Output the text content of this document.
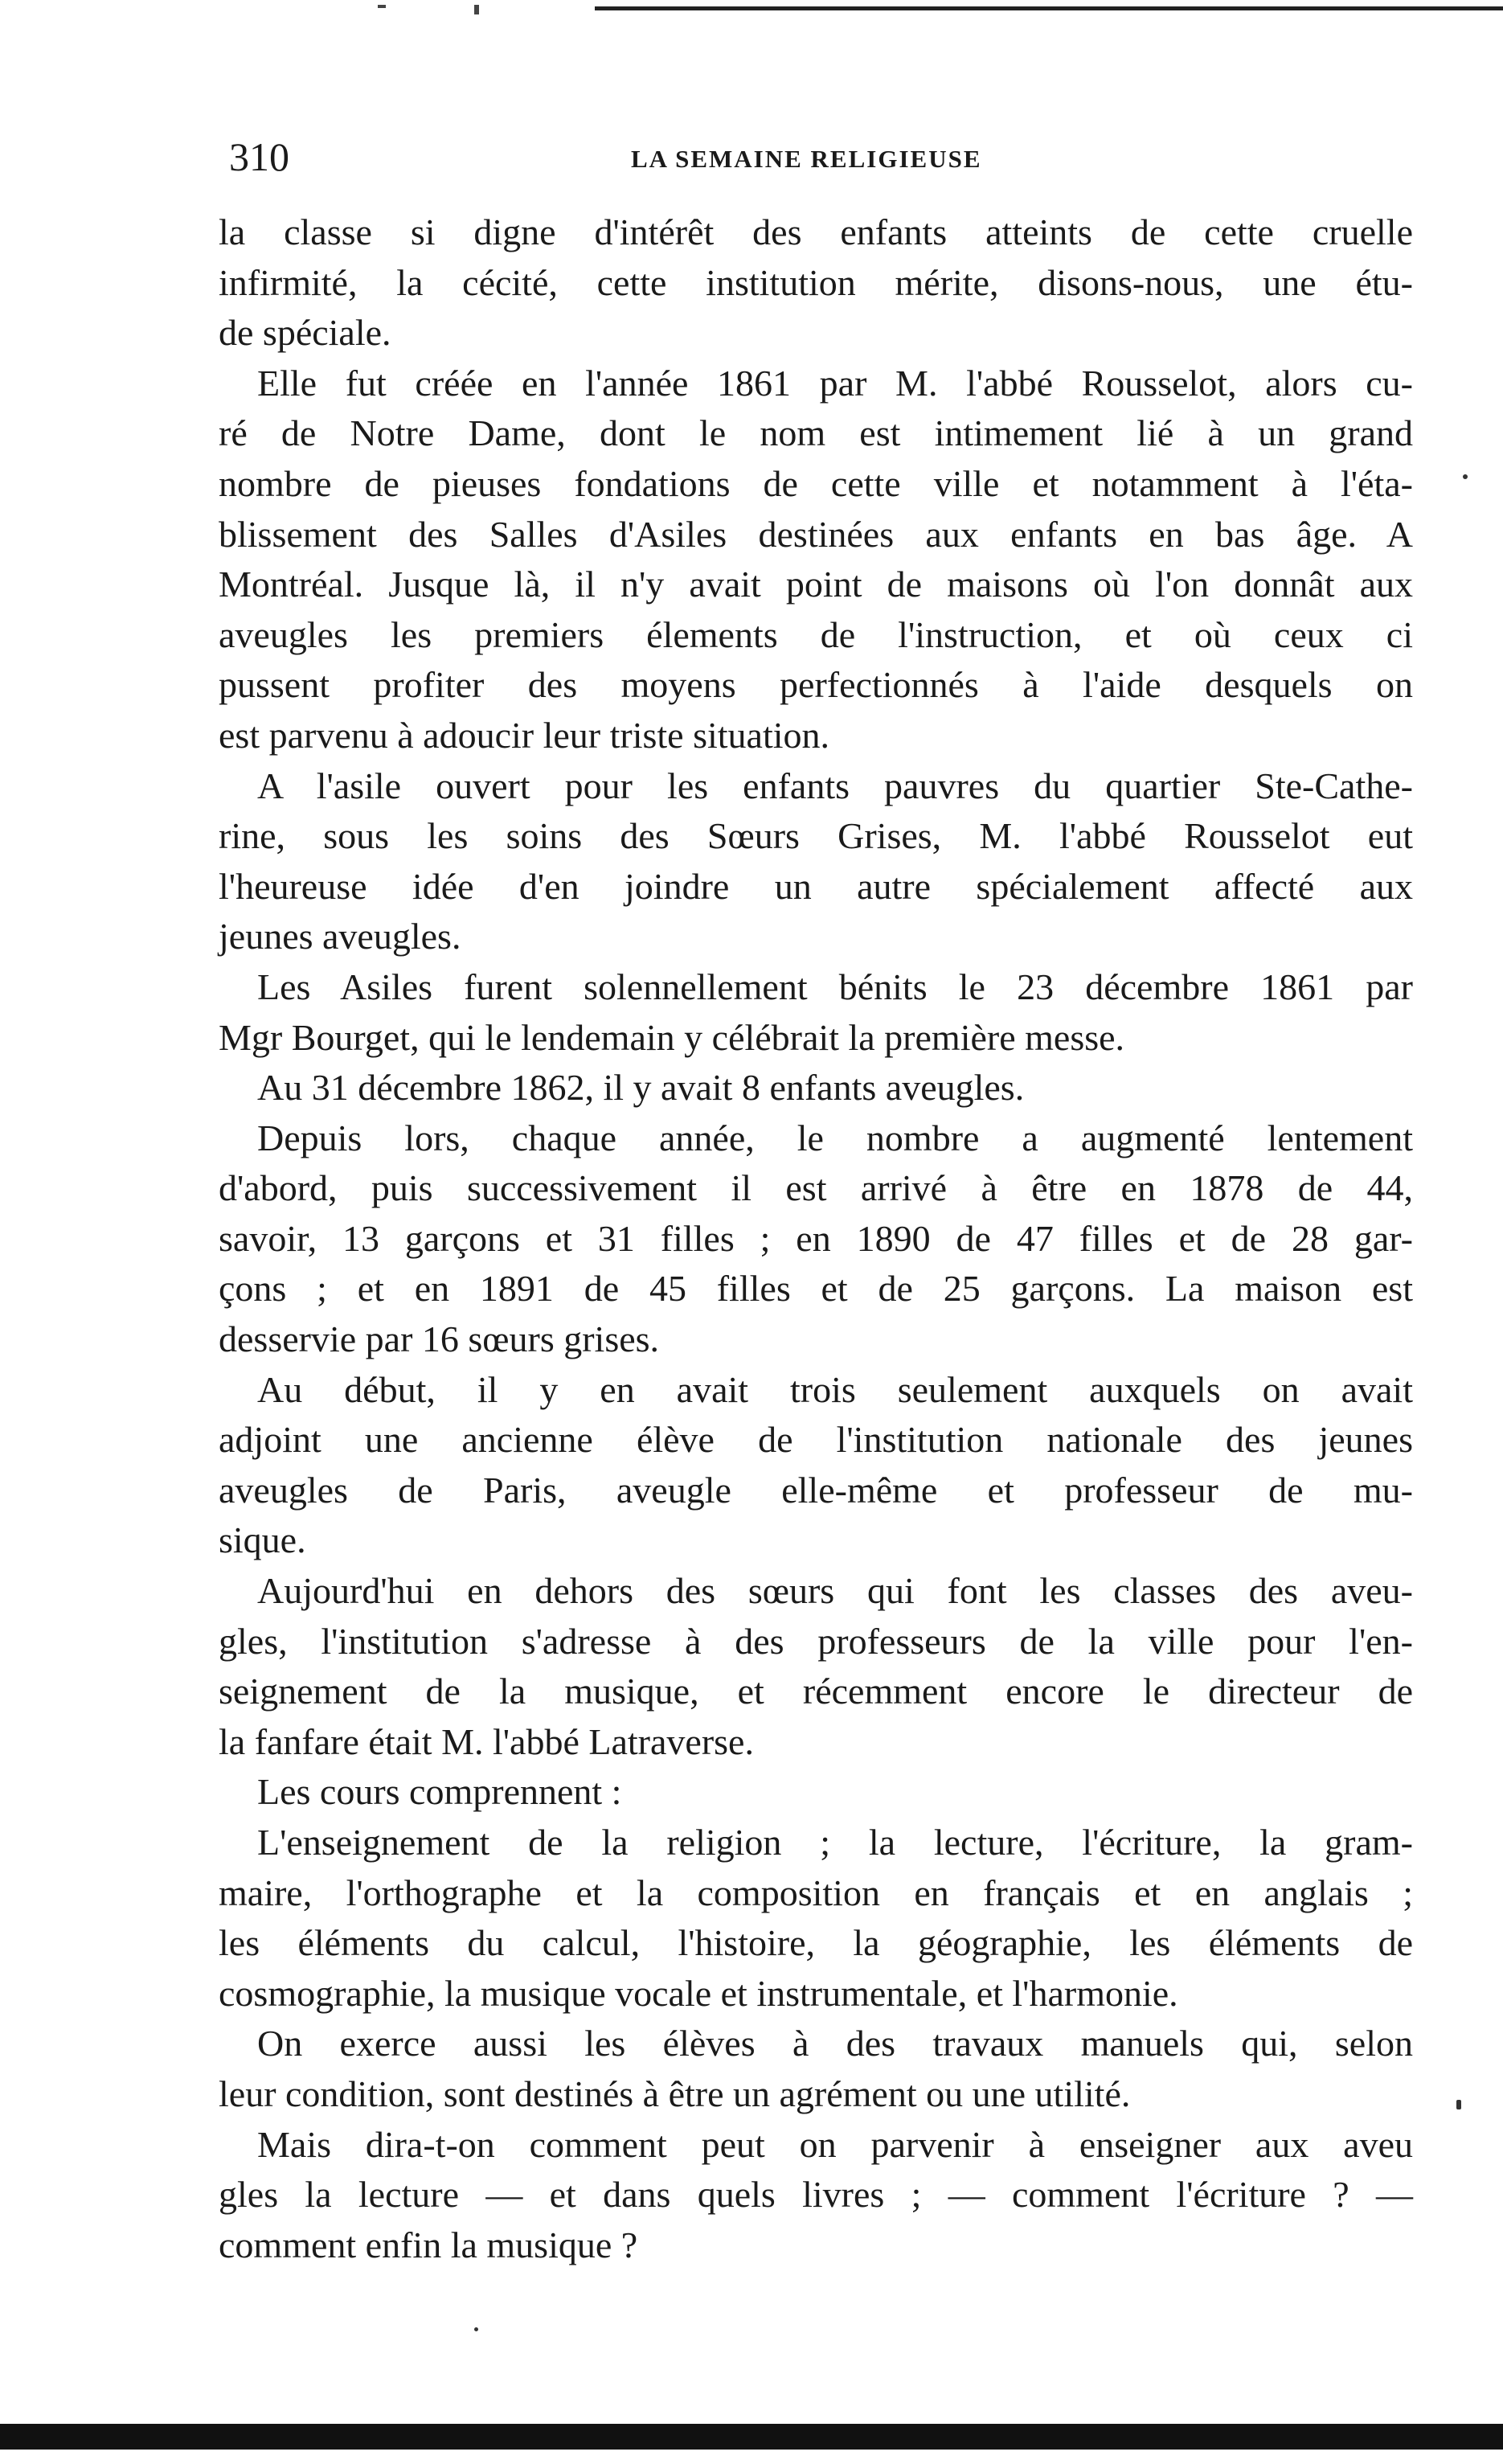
310	LA SEMAINE RELIGIEUSE
la classe si digne d'intérêt des enfants atteints de cette cruelle
infirmité, la cécité, cette institution mérite, disons-nous, une étu-
de spéciale.
Elle fut créée en l'année 1861 par M. l'abbé Rousselot, alors cu-
ré de Notre Dame, dont le nom est intimement lié à un grand
nombre de pieuses fondations de cette ville et notamment à l'éta-
blissement des Salles d'Asiles destinées aux enfants en bas âge. A
Montréal. Jusque là, il n'y avait point de maisons où l'on donnât aux
aveugles les premiers élements de l'instruction, et où ceux ci
pussent profiter des moyens perfectionnés à l'aide desquels on
est parvenu à adoucir leur triste situation.
A l'asile ouvert pour les enfants pauvres du quartier Ste-Cathe-
rine, sous les soins des Sœurs Grises, M. l'abbé Rousselot eut
l'heureuse idée d'en joindre un autre spécialement affecté aux
jeunes aveugles.
Les Asiles furent solennellement bénits le 23 décembre 1861 par
Mgr Bourget, qui le lendemain y célébrait la première messe.
Au 31 décembre 1862, il y avait 8 enfants aveugles.
Depuis lors, chaque année, le nombre a augmenté lentement
d'abord, puis successivement il est arrivé à être en 1878 de 44,
savoir, 13 garçons et 31 filles ; en 1890 de 47 filles et de 28 gar-
çons ; et en 1891 de 45 filles et de 25 garçons. La maison est
desservie par 16 sœurs grises.
Au début, il y en avait trois seulement auxquels on avait
adjoint une ancienne élève de l'institution nationale des jeunes
aveugles de Paris, aveugle elle-même et professeur de mu-
sique.
Aujourd'hui en dehors des sœurs qui font les classes des aveu-
gles, l'institution s'adresse à des professeurs de la ville pour l'en-
seignement de la musique, et récemment encore le directeur de
la fanfare était M. l'abbé Latraverse.
Les cours comprennent :
L'enseignement de la religion ; la lecture, l'écriture, la gram-
maire, l'orthographe et la composition en français et en anglais ;
les éléments du calcul, l'histoire, la géographie, les éléments de
cosmographie, la musique vocale et instrumentale, et l'harmonie.
On exerce aussi les élèves à des travaux manuels qui, selon
leur condition, sont destinés à être un agrément ou une utilité.
Mais dira-t-on comment peut on parvenir à enseigner aux aveu
gles la lecture — et dans quels livres ; — comment l'écriture ? —
comment enfin la musique ?
